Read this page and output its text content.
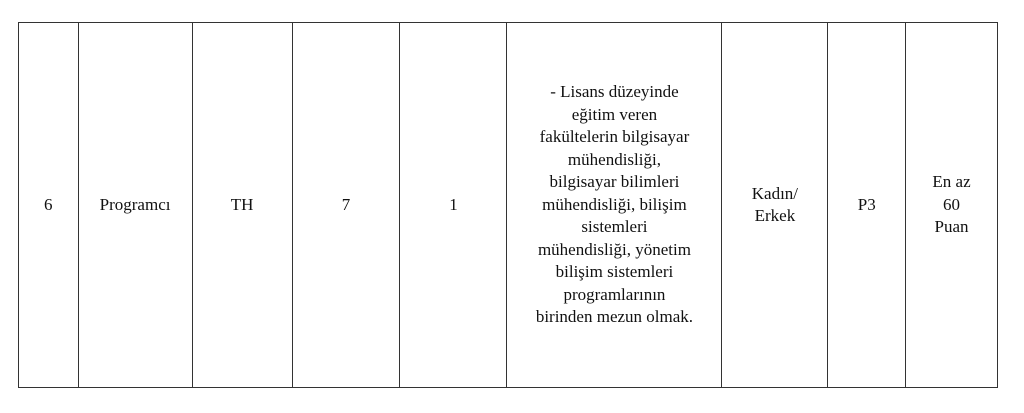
6	Programcı	TH	7	1	- Lisans düzeyinde
eğitim veren
fakültelerin bilgisayar
mühendisliği,
bilgisayar bilimleri
mühendisliği, bilişim
sistemleri
mühendisliği, yönetim
bilişim sistemleri
programlarının
birinden mezun olmak.	Kadın/
Erkek	P3	En az
60
Puan
